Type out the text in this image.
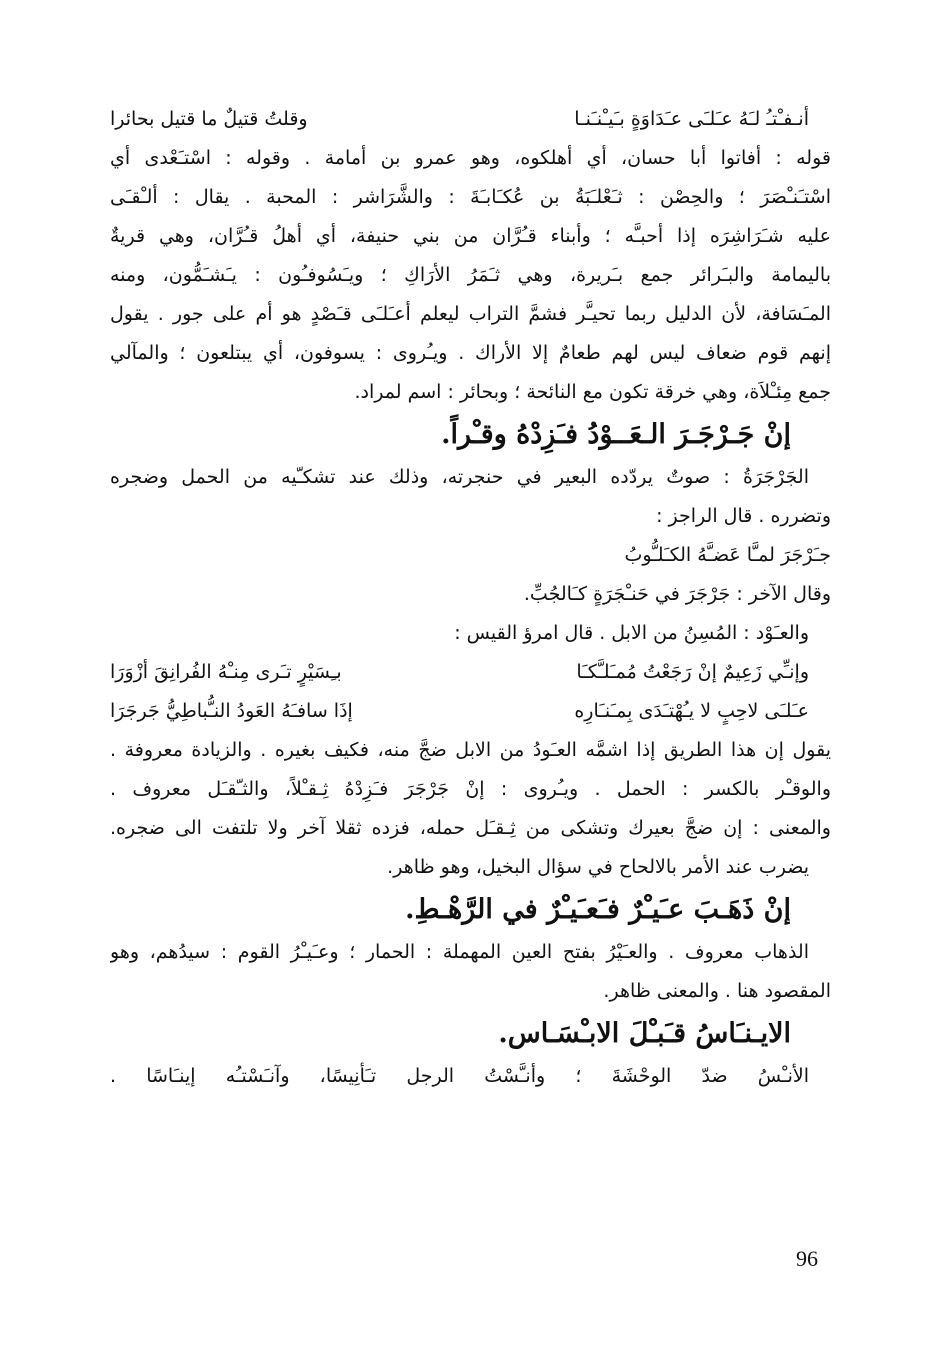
أنـفـْتـُ لـَهُ عـَلـَى عـَدَاوَةٍ بـَيـْنـَنـا
وقلتُ قتيلٌ ما قتيل بحائرا
قوله : أفاتوا أبا حسان، أي أهلكوه، وهو عمرو بن أمامة . وقوله : اسْتـَعْدى أي
اسْتـَنـْصَرَ ؛ والحِصْن : ثـَعْلـَبَةُ بن عُكـَابـَةَ : والشَّرَاشر : المحبة . يقال : ألـْقـَى
عليه شـَرَاشِرَه إذا أحبـَّه ؛ وأبناء قـُرَّان من بني حنيفة، أي أهلُ قـُرَّان، وهي قريةٌ
باليمامة والبـَرائر جمع بـَريرة، وهي ثـَمَرُ الأرَاكِ ؛ ويـَسُوفـُون : يـَشـَمُّون، ومنه
المـَسَافة، لأن الدليل ربما تحيـَّر فشمَّ التراب ليعلم أعـَلـَى قـَصْدٍ هو أم على جور . يقول
إنهم قوم ضعاف ليس لهم طعامٌ إلا الأراك . ويـُروى : يسوفون، أي يبتلعون ؛ والمآلي
جمع مِئـْلاَة، وهي خرقة تكون مع النائحة ؛ وبحائر : اسم لمراد.
إنْ جَـرْجَـرَ الـعَــوْدُ فـَزِدْهُ وقـْراً.
الجَرْجَرَةُ : صوتٌ يردّده البعير في حنجرته، وذلك عند تشكـّيه من الحمل وضجره
وتضرره . قال الراجز :
جـَرْجَرَ لمـَّا عَضـَّهُ الكـَلـُّوبُ
وقال الآخر : جَرْجَرَ في حَنـْجَرَةٍ كـَالجُبِّ.
والعـَوْد : المُسِنُ من الابل . قال امرؤ القيس :
وإنـِّي زَعِيمٌ إنْ رَجَعْتُ مُمـَلـَّكـَا
بـِسَيْرٍ تـَرى مِنـْهُ الفُرانِقَ أزْوَرَا
عـَلـَى لاحِبٍ لا يـُهْتـَدَى بِمـَنـَارِه
إذَا سافـَهُ العَودُ النـُّباطِيُّ جَرجَرَا
يقول إن هذا الطريق إذا اشمَّه العـَودُ من الابل ضجَّ منه، فكيف بغيره . والزيادة معروفة .
والوقـْر بالكسر : الحمل . ويـُروى : إنْ جَرْجَرَ فـَزِدْهُ ثِـقـْلاً، والثـّقـَل معروف .
والمعنى : إن ضجَّ بعيرك وتشكى من ثِـقـَل حمله، فزده ثقلا آخر ولا تلتفت الى ضجره.
يضرب عند الأمر بالالحاح في سؤال البخيل، وهو ظاهر.
إنْ ذَهَـبَ عـَيـْرٌ فـَعـَيـْرٌ في الرَّهْـطِ.
الذهاب معروف . والعـَيْرُ بفتح العين المهملة : الحمار ؛ وعـَيـْرُ القوم : سيدُهم، وهو
المقصود هنا . والمعنى ظاهر.
الايـنـَاسُ قـَبـْلَ الابـْسَـاس.
الأنـْسُ ضدّ الوحْشَةَ ؛ وأنـَّسْتُ الرجل تـَأنِيسًا، وآنـَسْتـُه إينـَاسًا .
96
